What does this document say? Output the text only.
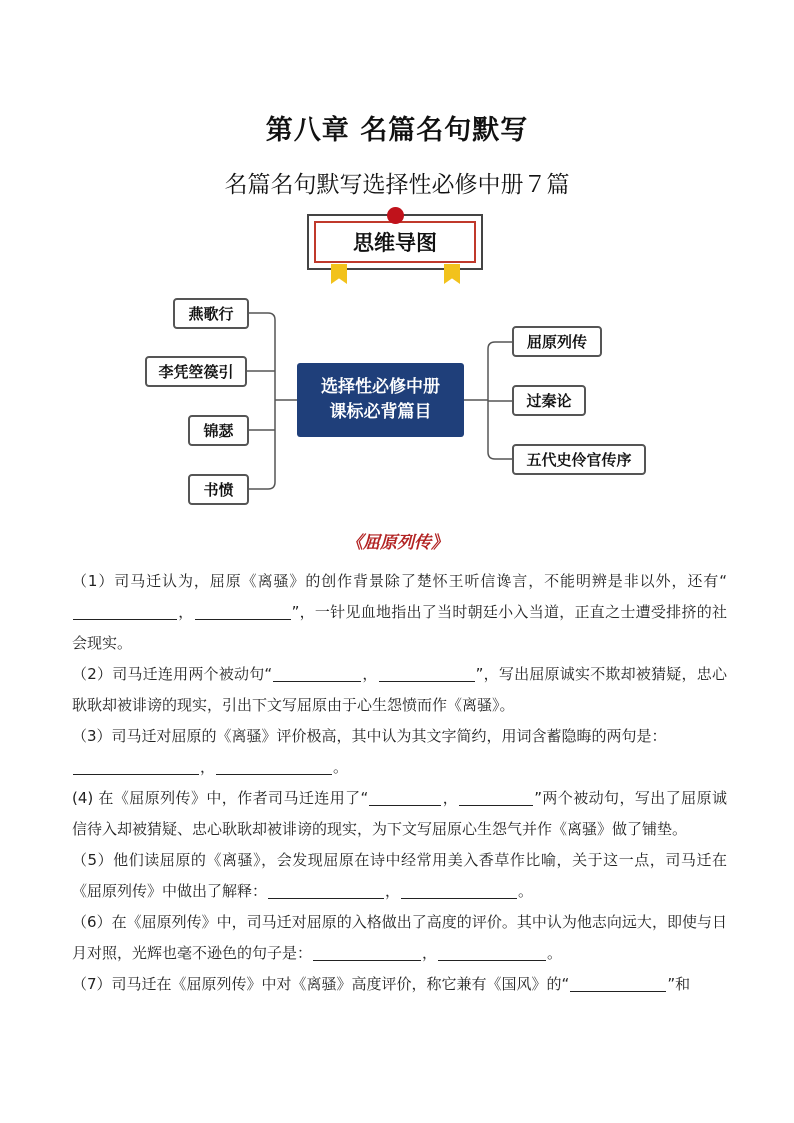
第八章 名篇名句默写
名篇名句默写选择性必修中册７篇
思维导图
选择性必修中册
课标必背篇目
燕歌行
李凭箜篌引
锦瑟
书愤
屈原列传
过秦论
五代史伶官传序
《屈原列传》

（1）司马迁认为，屈原《离骚》的创作背景除了楚怀王听信谗言，不能明辨是非以外，还有“，	”，一针见血地指出了当时朝廷小入当道，正直之士遭受排挤的社会现实。

（2）司马迁连用两个被动句“	，	”，写出屈原诚实不欺却被猜疑，忠心耿耿却被诽谤的现实，引出下文写屈原由于心生怨愤而作《离骚》。

（3）司马迁对屈原的《离骚》评价极高，其中认为其文字简约，用词含蓄隐晦的两句是：
，	。

(4) 在《屈原列传》中，作者司马迁连用了“	，	”两个被动句，写出了屈原诚信待入却被猜疑、忠心耿耿却被诽谤的现实，为下文写屈原心生怨气并作《离骚》做了铺垫。

（5）他们读屈原的《离骚》，会发现屈原在诗中经常用美入香草作比喻，关于这一点，司马迁在《屈原列传》中做出了解释：	，	。

（6）在《屈原列传》中，司马迁对屈原的入格做出了高度的评价。其中认为他志向远大，即使与日月对照，光辉也毫不逊色的句子是：	，	。

（7）司马迁在《屈原列传》中对《离骚》高度评价，称它兼有《国风》的“	”和
